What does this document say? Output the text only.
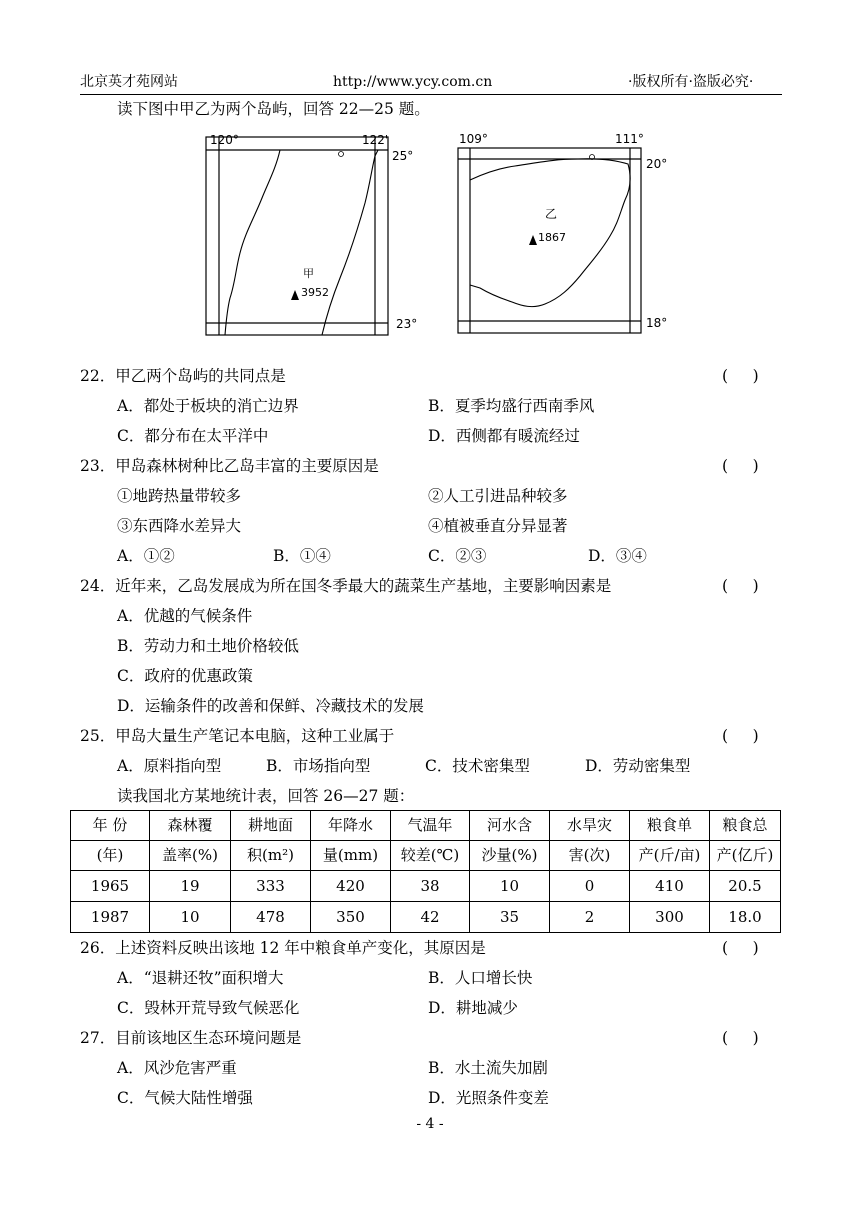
北京英才苑网站	http://www.ycy.com.cn	·版权所有·盗版必究·
读下图中甲乙为两个岛屿，回答 22—25 题。
甲
120°	122'
25°
23°
3952
乙
109°	111°
20°
18°
1867
22．甲乙两个岛屿的共同点是	(     )
A．都处于板块的消亡边界	B．夏季均盛行西南季风
C．都分布在太平洋中	D．西侧都有暖流经过
23．甲岛森林树种比乙岛丰富的主要原因是	(     )
①地跨热量带较多	②人工引进品种较多
③东西降水差异大	④植被垂直分异显著
A．①②	B．①④	C．②③	D．③④
24．近年来，乙岛发展成为所在国冬季最大的蔬菜生产基地，主要影响因素是	(     )
A．优越的气候条件
B．劳动力和土地价格较低
C．政府的优惠政策
D．运输条件的改善和保鲜、冷藏技术的发展
25．甲岛大量生产笔记本电脑，这种工业属于	(     )
A．原料指向型	B．市场指向型	C．技术密集型	D．劳动密集型
读我国北方某地统计表，回答 26—27 题：
年 份	森林覆	耕地面	年降水	气温年	河水含	水旱灾	粮食单	粮食总
(年)	盖率(%)	积(m²)	量(mm)	较差(℃)	沙量(%)	害(次)	产(斤/亩)	产(亿斤)
1965	19	333	420	38	10	0	410	20.5
1987	10	478	350	42	35	2	300	18.0
26．上述资料反映出该地 12 年中粮食单产变化，其原因是	(     )
A．“退耕还牧”面积增大	B．人口增长快
C．毁林开荒导致气候恶化	D．耕地减少
27．目前该地区生态环境问题是	(     )
A．风沙危害严重	B．水土流失加剧
C．气候大陆性增强	D．光照条件变差
- 4 -
